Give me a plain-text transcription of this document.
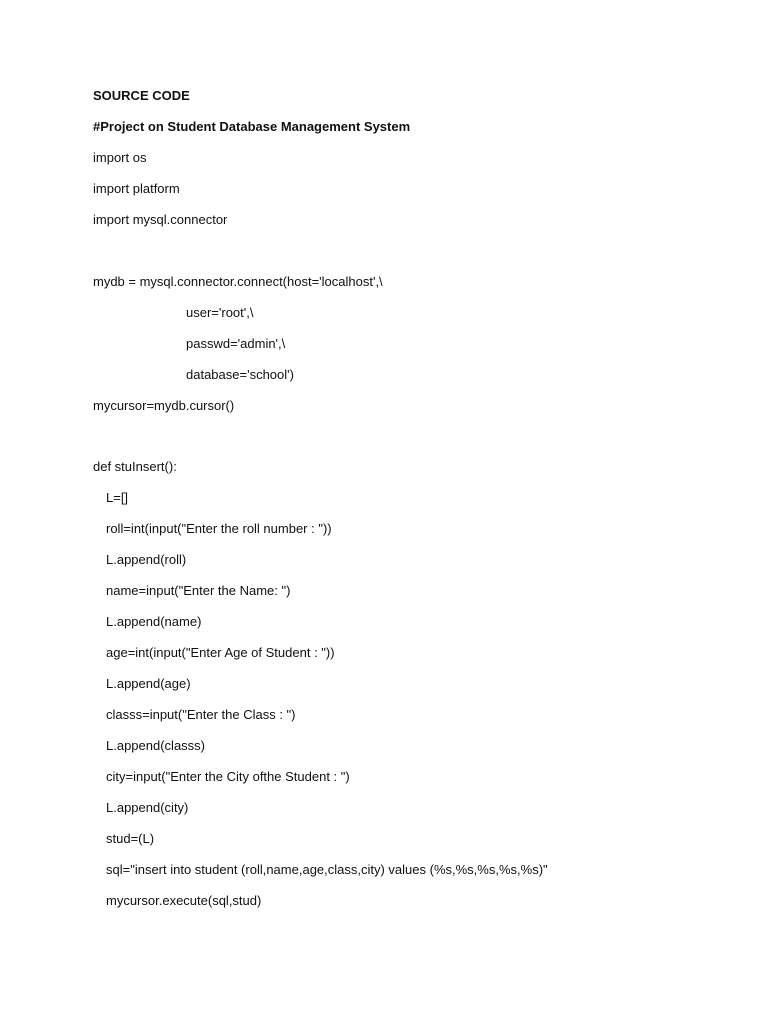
SOURCE CODE

#Project on Student Database Management System

import os

import platform

import mysql.connector

mydb = mysql.connector.connect(host='localhost',\

user='root',\

passwd='admin',\

database='school')

mycursor=mydb.cursor()

def stuInsert():

L=[]

roll=int(input("Enter the roll number : "))

L.append(roll)

name=input("Enter the Name: ")

L.append(name)

age=int(input("Enter Age of Student : "))

L.append(age)

classs=input("Enter the Class : ")

L.append(classs)

city=input("Enter the City ofthe Student : ")

L.append(city)

stud=(L)

sql="insert into student (roll,name,age,class,city) values (%s,%s,%s,%s,%s)"

mycursor.execute(sql,stud)
